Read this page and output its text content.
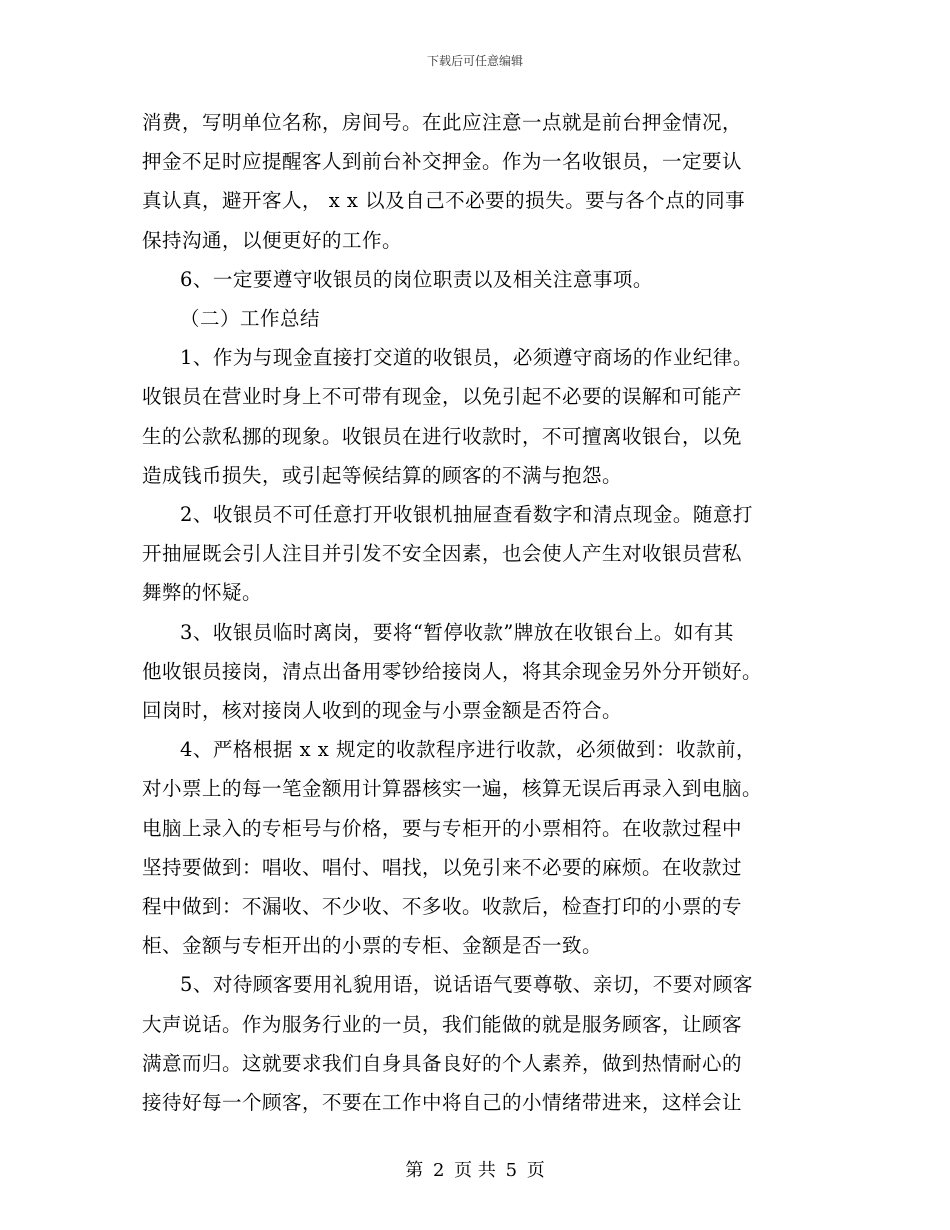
下载后可任意编辑

消费，写明单位名称，房间号。在此应注意一点就是前台押金情况，
押金不足时应提醒客人到前台补交押金。作为一名收银员，一定要认
真认真，避开客人， x x 以及自己不必要的损失。要与各个点的同事
保持沟通，以便更好的工作。

6、一定要遵守收银员的岗位职责以及相关注意事项。

（二）工作总结

1、作为与现金直接打交道的收银员，必须遵守商场的作业纪律。
收银员在营业时身上不可带有现金，以免引起不必要的误解和可能产
生的公款私挪的现象。收银员在进行收款时，不可擅离收银台，以免
造成钱币损失，或引起等候结算的顾客的不满与抱怨。

2、收银员不可任意打开收银机抽屉查看数字和清点现金。随意打
开抽屉既会引人注目并引发不安全因素，也会使人产生对收银员营私
舞弊的怀疑。

3、收银员临时离岗，要将“暂停收款”牌放在收银台上。如有其
他收银员接岗，清点出备用零钞给接岗人，将其余现金另外分开锁好。
回岗时，核对接岗人收到的现金与小票金额是否符合。

4、严格根据 x x 规定的收款程序进行收款，必须做到：收款前，
对小票上的每一笔金额用计算器核实一遍，核算无误后再录入到电脑。
电脑上录入的专柜号与价格，要与专柜开的小票相符。在收款过程中
坚持要做到：唱收、唱付、唱找，以免引来不必要的麻烦。在收款过
程中做到：不漏收、不少收、不多收。收款后，检查打印的小票的专
柜、金额与专柜开出的小票的专柜、金额是否一致。

5、对待顾客要用礼貌用语，说话语气要尊敬、亲切，不要对顾客
大声说话。作为服务行业的一员，我们能做的就是服务顾客，让顾客
满意而归。这就要求我们自身具备良好的个人素养，做到热情耐心的
接待好每一个顾客，不要在工作中将自己的小情绪带进来，这样会让

第 2 页 共 5 页
